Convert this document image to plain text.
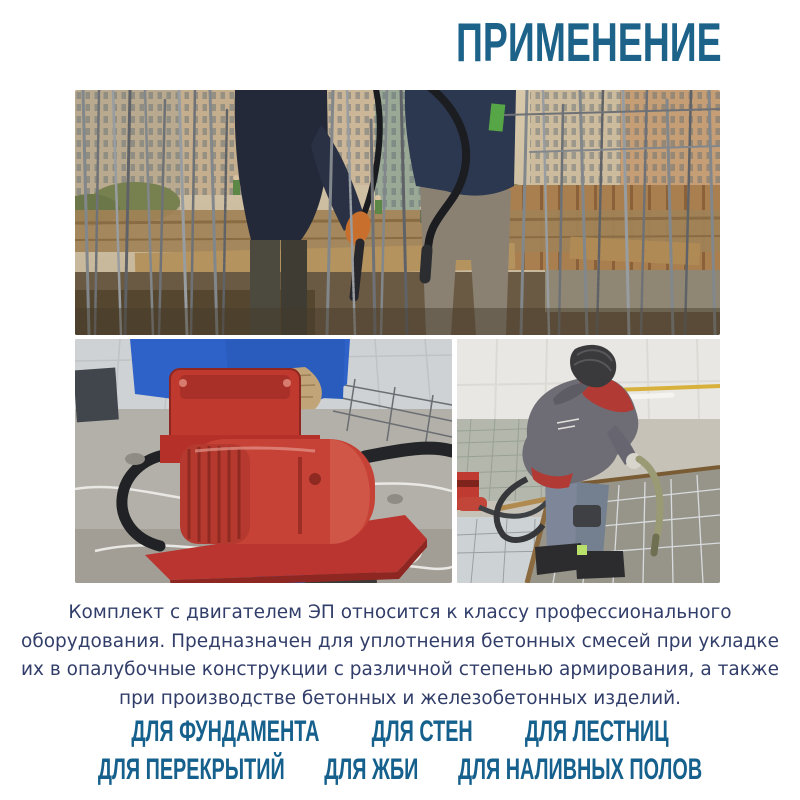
ПРИМЕНЕНИЕ
Комплект с двигателем ЭП относится к классу профессионального
оборудования. Предназначен для уплотнения бетонных смесей при укладке
их в опалубочные конструкции с различной степенью армирования, а также
при производстве бетонных и железобетонных изделий.
ДЛЯ ФУНДАМЕНТА ДЛЯ СТЕН ДЛЯ ЛЕСТНИЦ
ДЛЯ ПЕРЕКРЫТИЙ ДЛЯ ЖБИ ДЛЯ НАЛИВНЫХ ПОЛОВ
